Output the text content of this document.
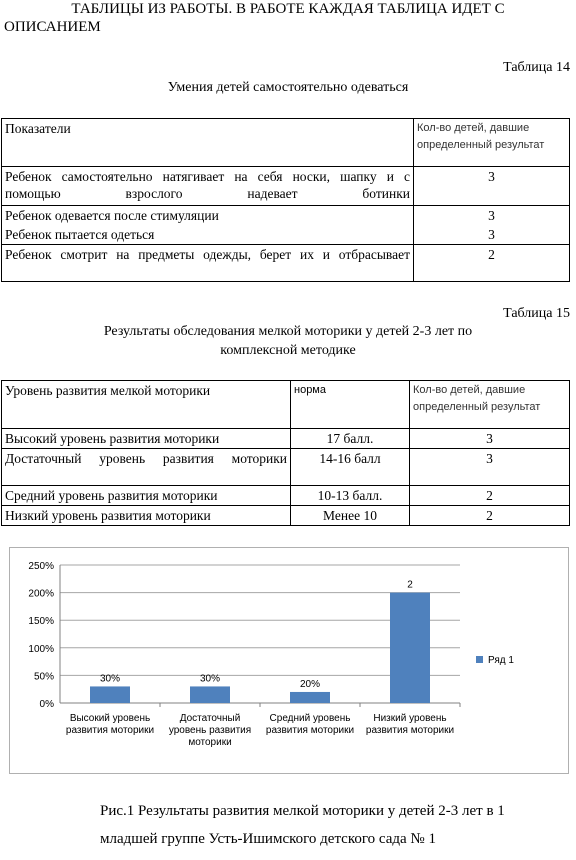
ТАБЛИЦЫ ИЗ РАБОТЫ. В РАБОТЕ КАЖДАЯ ТАБЛИЦА ИДЕТ С
ОПИСАНИЕМ
Таблица 14
Умения детей самостоятельно одеваться
Показатели	Кол-во детей, давшие определенный результат
Ребенок самостоятельно натягивает на себя носки, шапку и с помощью взрослого надевает ботинки	3
Ребенок одевается после стимуляции	3
Ребенок пытается одеться	3
Ребенок смотрит на предметы одежды, берет их и отбрасывает	2
Таблица 15
Результаты обследования мелкой моторики у детей 2-3 лет по
комплексной методике
Уровень развития мелкой моторики	норма	Кол-во детей, давшие определенный результат
Высокий уровень развития моторики	17 балл.	3
Достаточный уровень развития моторики	14-16 балл	3
Средний уровень развития моторики	10-13 балл.	2
Низкий уровень развития моторики	Менее 10	2
0%
50%
100%
150%
200%
250%
30%
Высокий уровень
развития моторики
30%
Достаточный
уровень развития
моторики
20%
Средний уровень
развития моторики
2
Низкий уровень
развития моторики
Ряд 1
Рис.1 Результаты развития мелкой моторики у детей 2-3 лет в 1
младшей группе Усть-Ишимского детского сада № 1
